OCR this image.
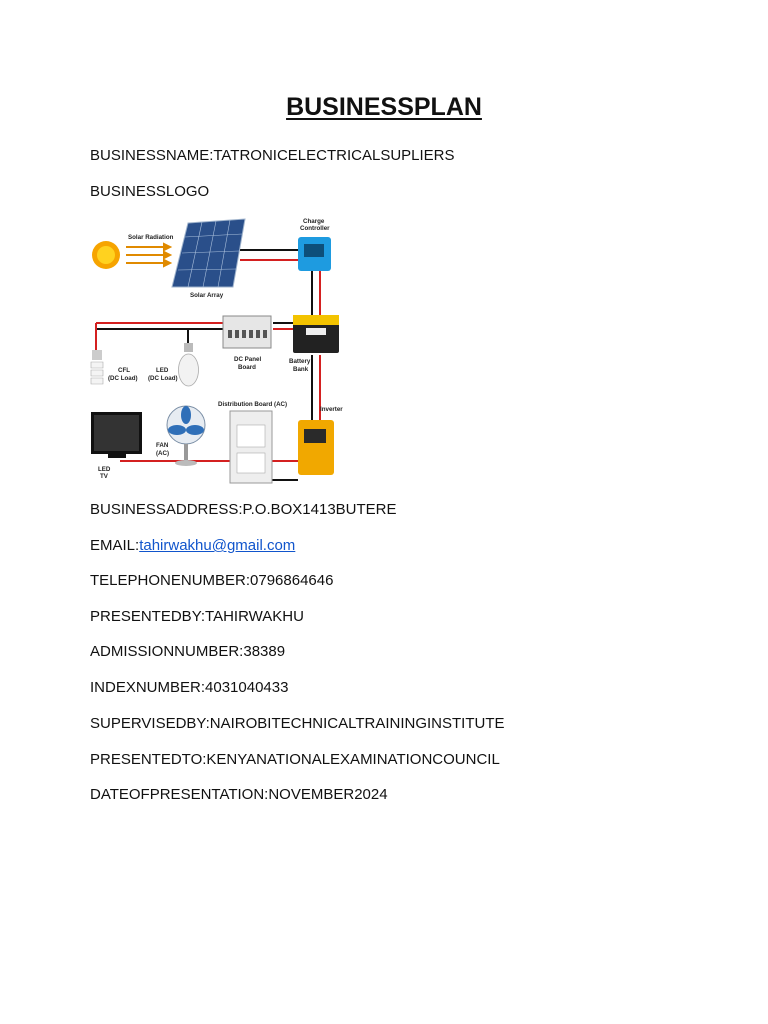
BUSINESSPLAN
BUSINESSNAME:TATRONICELECTRICALSUPLIERS
BUSINESSLOGO
Solar Radiation
Solar Array
Charge
Controller
DC Panel
Board
Battery
Bank
CFL
(DC Load)
LED
(DC Load)
Distribution Board (AC)
Inverter
LED
TV
FAN
(AC)
BUSINESSADDRESS:P.O.BOX1413BUTERE
EMAIL:tahirwakhu@gmail.com
TELEPHONENUMBER:0796864646
PRESENTEDBY:TAHIRWAKHU
ADMISSIONNUMBER:38389
INDEXNUMBER:4031040433
SUPERVISEDBY:NAIROBITECHNICALTRAININGINSTITUTE
PRESENTEDTO:KENYANATIONALEXAMINATIONCOUNCIL
DATEOFPRESENTATION:NOVEMBER2024
